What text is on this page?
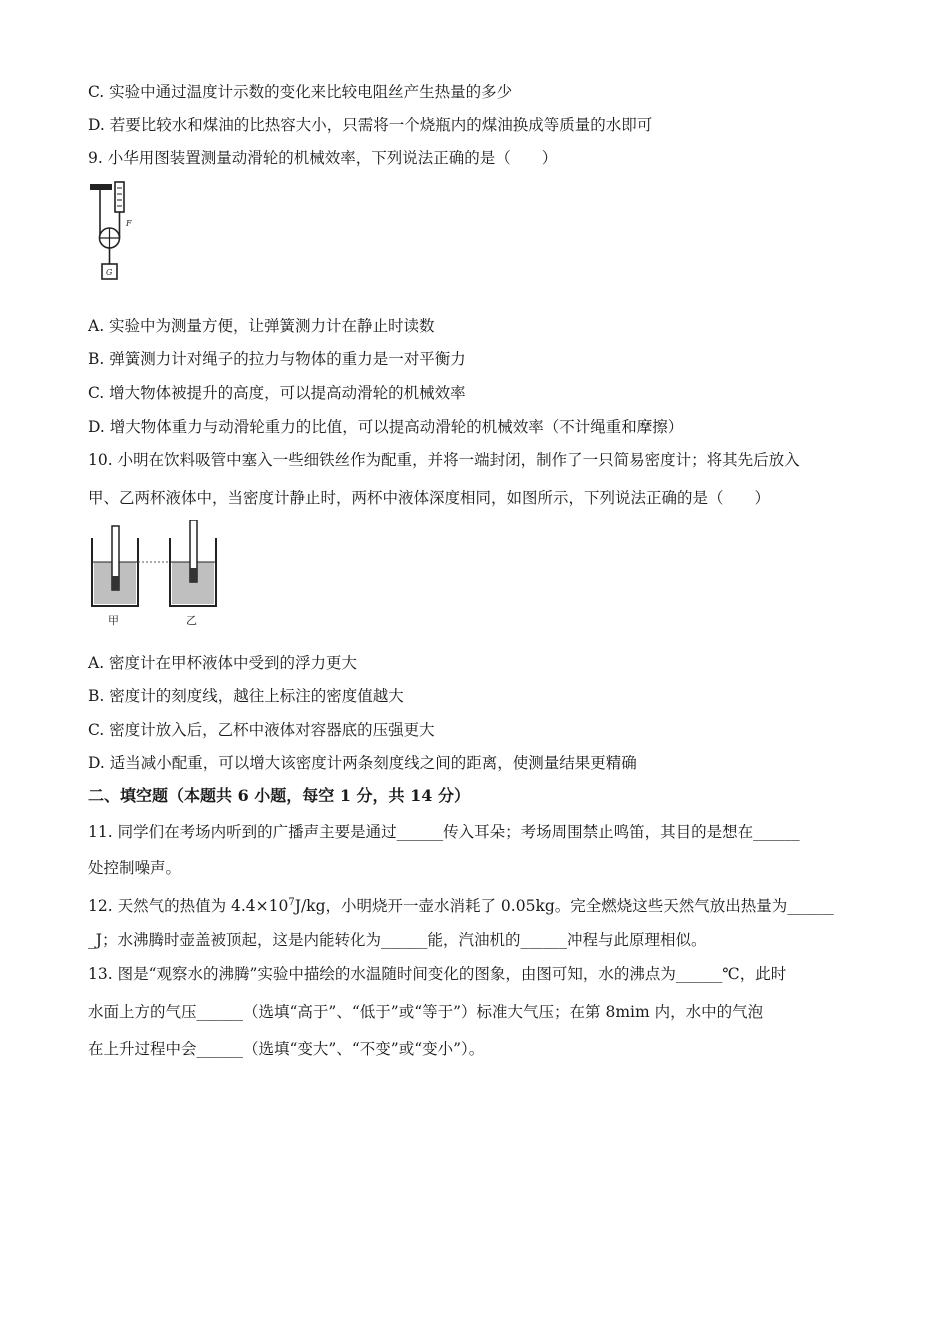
C. 实验中通过温度计示数的变化来比较电阻丝产生热量的多少
D. 若要比较水和煤油的比热容大小，只需将一个烧瓶内的煤油换成等质量的水即可
9. 小华用图装置测量动滑轮的机械效率，下列说法正确的是（　　）
F
G
A. 实验中为测量方便，让弹簧测力计在静止时读数
B. 弹簧测力计对绳子的拉力与物体的重力是一对平衡力
C. 增大物体被提升的高度，可以提高动滑轮的机械效率
D. 增大物体重力与动滑轮重力的比值，可以提高动滑轮的机械效率（不计绳重和摩擦）
10. 小明在饮料吸管中塞入一些细铁丝作为配重，并将一端封闭，制作了一只简易密度计；将其先后放入
甲、乙两杯液体中，当密度计静止时，两杯中液体深度相同，如图所示，下列说法正确的是（　　）
甲	乙
A. 密度计在甲杯液体中受到的浮力更大
B. 密度计的刻度线，越往上标注的密度值越大
C. 密度计放入后，乙杯中液体对容器底的压强更大
D. 适当减小配重，可以增大该密度计两条刻度线之间的距离，使测量结果更精确
二、填空题（本题共 6 小题，每空 1 分，共 14 分）
11. 同学们在考场内听到的广播声主要是通过______传入耳朵；考场周围禁止鸣笛，其目的是想在______
处控制噪声。
12. 天然气的热值为 $4.4\times 10^7J/kg$，小明烧开一壶水消耗了 0.05kg。完全燃烧这些天然气放出热量为______
_J；水沸腾时壶盖被顶起，这是内能转化为______能，汽油机的______冲程与此原理相似。
13. 图是“观察水的沸腾”实验中描绘的水温随时间变化的图象，由图可知，水的沸点为______℃，此时
水面上方的气压______（选填“高于”、“低于”或“等于”）标准大气压；在第 8mim 内，水中的气泡
在上升过程中会______（选填“变大”、“不变”或“变小”）。
